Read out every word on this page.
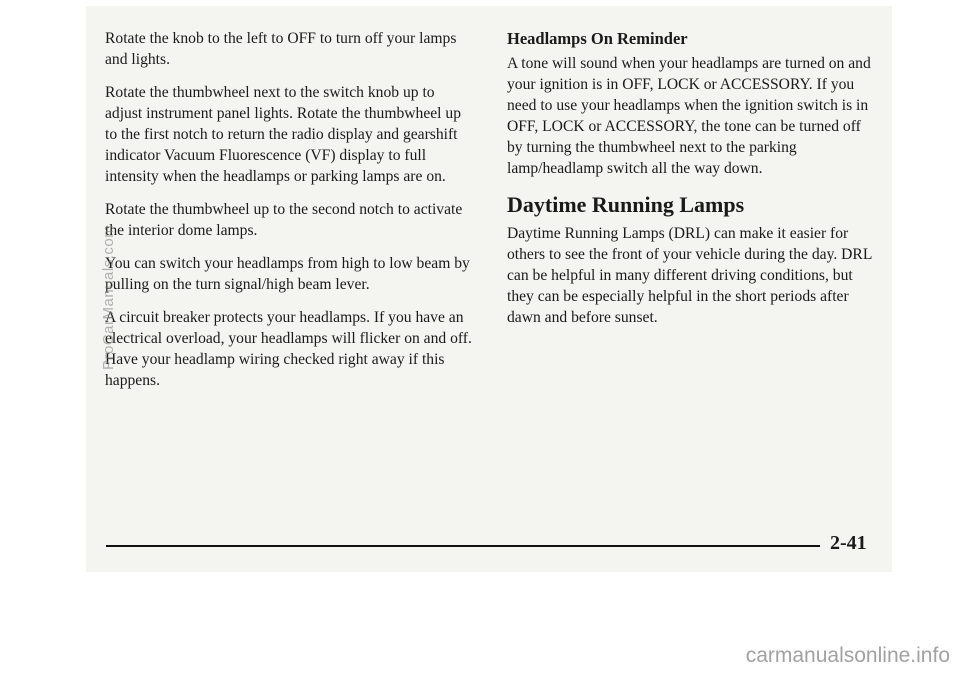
Rotate the knob to the left to OFF to turn off your lamps and lights.

Rotate the thumbwheel next to the switch knob up to adjust instrument panel lights. Rotate the thumbwheel up to the first notch to return the radio display and gearshift indicator Vacuum Fluorescence (VF) display to full intensity when the headlamps or parking lamps are on.

Rotate the thumbwheel up to the second notch to activate the interior dome lamps.

You can switch your headlamps from high to low beam by pulling on the turn signal/high beam lever.

A circuit breaker protects your headlamps. If you have an electrical overload, your headlamps will flicker on and off. Have your headlamp wiring checked right away if this happens.

Headlamps On Reminder

A tone will sound when your headlamps are turned on and your ignition is in OFF, LOCK or ACCESSORY. If you need to use your headlamps when the ignition switch is in OFF, LOCK or ACCESSORY, the tone can be turned off by turning the thumbwheel next to the parking lamp/headlamp switch all the way down.

Daytime Running Lamps

Daytime Running Lamps (DRL) can make it easier for others to see the front of your vehicle during the day. DRL can be helpful in many different driving conditions, but they can be especially helpful in the short periods after dawn and before sunset.

2-41
ProCarManuals.com
carmanualsonline.info
